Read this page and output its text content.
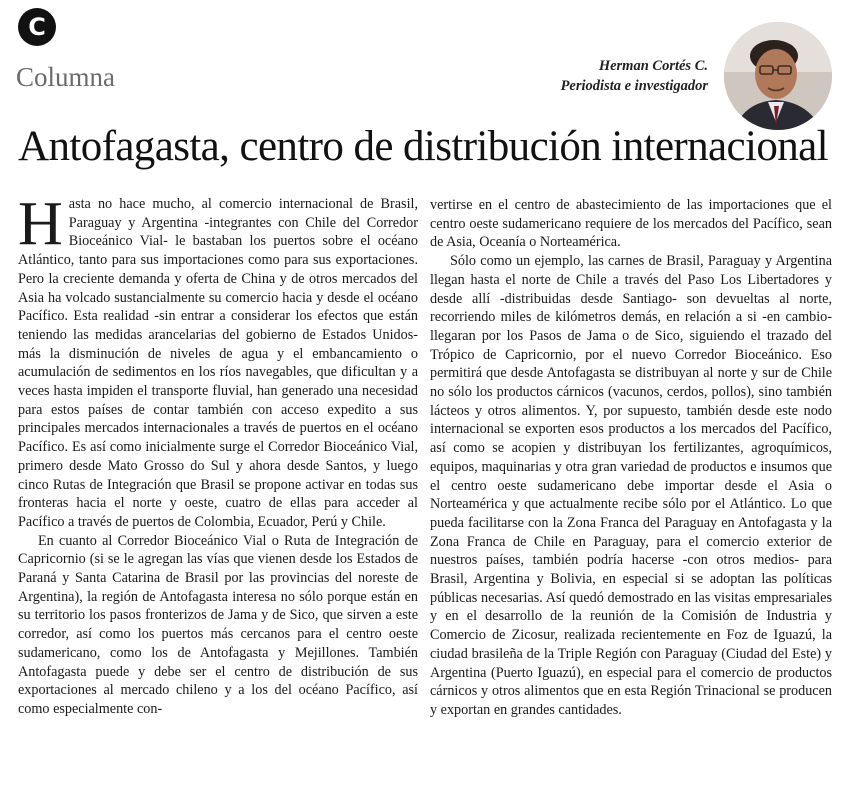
C
Columna	Herman Cortés C.
Periodista e investigador
Antofagasta, centro de distribución internacional

Hasta no hace mucho, al comercio internacional de Brasil, Paraguay y Argentina -integrantes con Chile del Corredor Bioceánico Vial- le bastaban los puertos sobre el océano Atlántico, tanto para sus importaciones como para sus exportaciones. Pero la creciente demanda y oferta de China y de otros mercados del Asia ha volcado sustancialmente su comercio hacia y desde el océano Pacífico. Esta realidad -sin entrar a considerar los efectos que están teniendo las medidas arancelarias del gobierno de Estados Unidos- más la disminución de niveles de agua y el embancamiento o acumulación de sedimentos en los ríos navegables, que dificultan y a veces hasta impiden el transporte fluvial, han generado una necesidad para estos países de contar también con acceso expedito a sus principales mercados internacionales a través de puertos en el océano Pacífico. Es así como inicialmente surge el Corredor Bioceánico Vial, primero desde Mato Grosso do Sul y ahora desde Santos, y luego cinco Rutas de Integración que Brasil se propone activar en todas sus fronteras hacia el norte y oeste, cuatro de ellas para acceder al Pacífico a través de puertos de Colombia, Ecuador, Perú y Chile.

En cuanto al Corredor Bioceánico Vial o Ruta de Integración de Capricornio (si se le agregan las vías que vienen desde los Estados de Paraná y Santa Catarina de Brasil por las provincias del noreste de Argentina), la región de Antofagasta interesa no sólo porque están en su territorio los pasos fronterizos de Jama y de Sico, que sirven a este corredor, así como los puertos más cercanos para el centro oeste sudamericano, como los de Antofagasta y Mejillones. También Antofagasta puede y debe ser el centro de distribución de sus exportaciones al mercado chileno y a los del océano Pacífico, así como especialmente con-

vertirse en el centro de abastecimiento de las importaciones que el centro oeste sudamericano requiere de los mercados del Pacífico, sean de Asia, Oceanía o Norteamérica.

Sólo como un ejemplo, las carnes de Brasil, Paraguay y Argentina llegan hasta el norte de Chile a través del Paso Los Libertadores y desde allí -distribuidas desde Santiago- son devueltas al norte, recorriendo miles de kilómetros demás, en relación a si -en cambio- llegaran por los Pasos de Jama o de Sico, siguiendo el trazado del Trópico de Capricornio, por el nuevo Corredor Bioceánico. Eso permitirá que desde Antofagasta se distribuyan al norte y sur de Chile no sólo los productos cárnicos (vacunos, cerdos, pollos), sino también lácteos y otros alimentos. Y, por supuesto, también desde este nodo internacional se exporten esos productos a los mercados del Pacífico, así como se acopien y distribuyan los fertilizantes, agroquímicos, equipos, maquinarias y otra gran variedad de productos e insumos que el centro oeste sudamericano debe importar desde el Asia o Norteamérica y que actualmente recibe sólo por el Atlántico. Lo que pueda facilitarse con la Zona Franca del Paraguay en Antofagasta y la Zona Franca de Chile en Paraguay, para el comercio exterior de nuestros países, también podría hacerse -con otros medios- para Brasil, Argentina y Bolivia, en especial si se adoptan las políticas públicas necesarias. Así quedó demostrado en las visitas empresariales y en el desarrollo de la reunión de la Comisión de Industria y Comercio de Zicosur, realizada recientemente en Foz de Iguazú, la ciudad brasileña de la Triple Región con Paraguay (Ciudad del Este) y Argentina (Puerto Iguazú), en especial para el comercio de productos cárnicos y otros alimentos que en esta Región Trinacional se producen y exportan en grandes cantidades.
